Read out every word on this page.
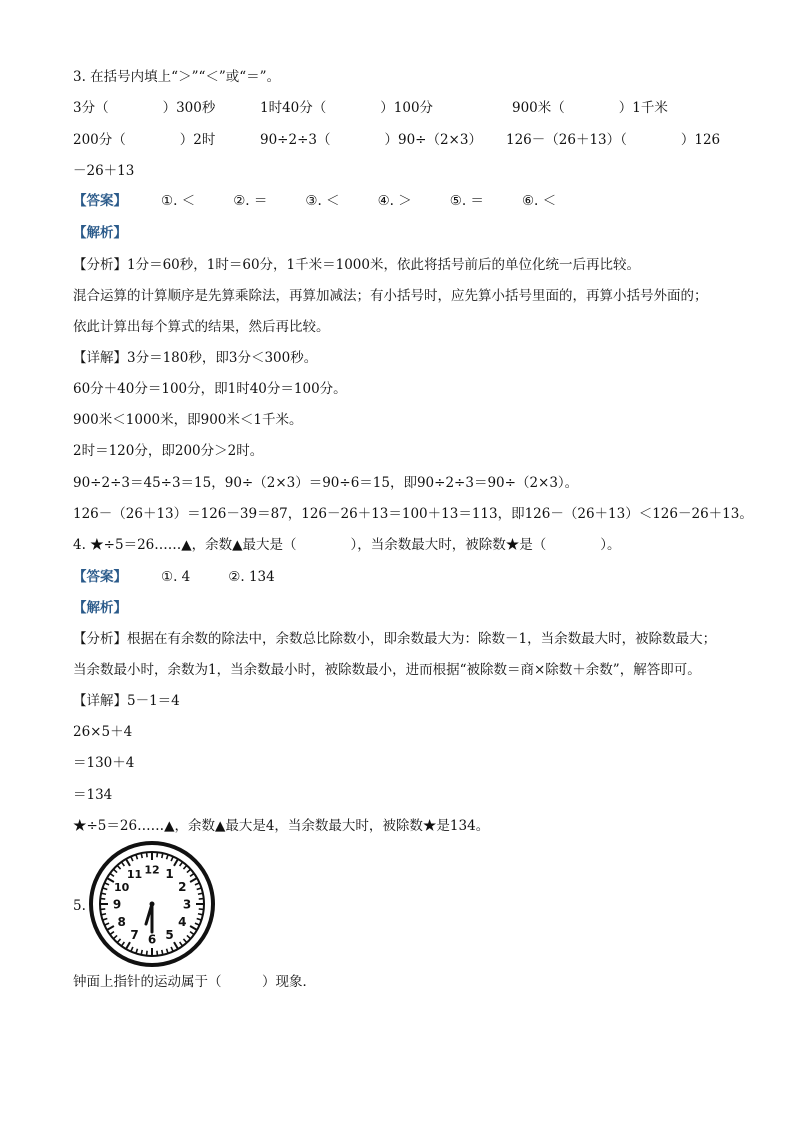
3. 在括号内填上“＞”“＜”或“＝”。
3分（　　　　）300秒	1时40分（　　　　）100分	900米（　　　　）1千米
200分（　　　　）2时	90÷2÷3（　　　　）90÷（2×3） 126－（26＋13）（　　　　）126
－26＋13
【答案】	①. ＜	②. ＝	③. ＜	④. ＞	⑤. ＝	⑥. ＜
【解析】
【分析】1分＝60秒，1时＝60分，1千米＝1000米，依此将括号前后的单位化统一后再比较。
混合运算的计算顺序是先算乘除法，再算加减法；有小括号时，应先算小括号里面的，再算小括号外面的；
依此计算出每个算式的结果，然后再比较。
【详解】3分＝180秒，即3分＜300秒。
60分＋40分＝100分，即1时40分＝100分。
900米＜1000米，即900米＜1千米。
2时＝120分，即200分＞2时。
90÷2÷3＝45÷3＝15，90÷（2×3）＝90÷6＝15，即90÷2÷3＝90÷（2×3）。
126－（26＋13）＝126－39＝87，126－26＋13＝100＋13＝113，即126－（26＋13）＜126－26＋13。
4. ★÷5＝26……▲，余数▲最大是（　　　　），当余数最大时，被除数★是（　　　　）。
【答案】	①. 4	②. 134
【解析】
【分析】根据在有余数的除法中，余数总比除数小，即余数最大为：除数－1，当余数最大时，被除数最大；
当余数最小时，余数为1，当余数最小时，被除数最小，进而根据“被除数＝商×除数＋余数”，解答即可。
【详解】5－1＝4
26×5＋4
＝130＋4
＝134
★÷5＝26……▲，余数▲最大是4，当余数最大时，被除数★是134。
5.
12 1
2
3
4
5
6
7
8
9
10
11
钟面上指针的运动属于（　　　）现象．
